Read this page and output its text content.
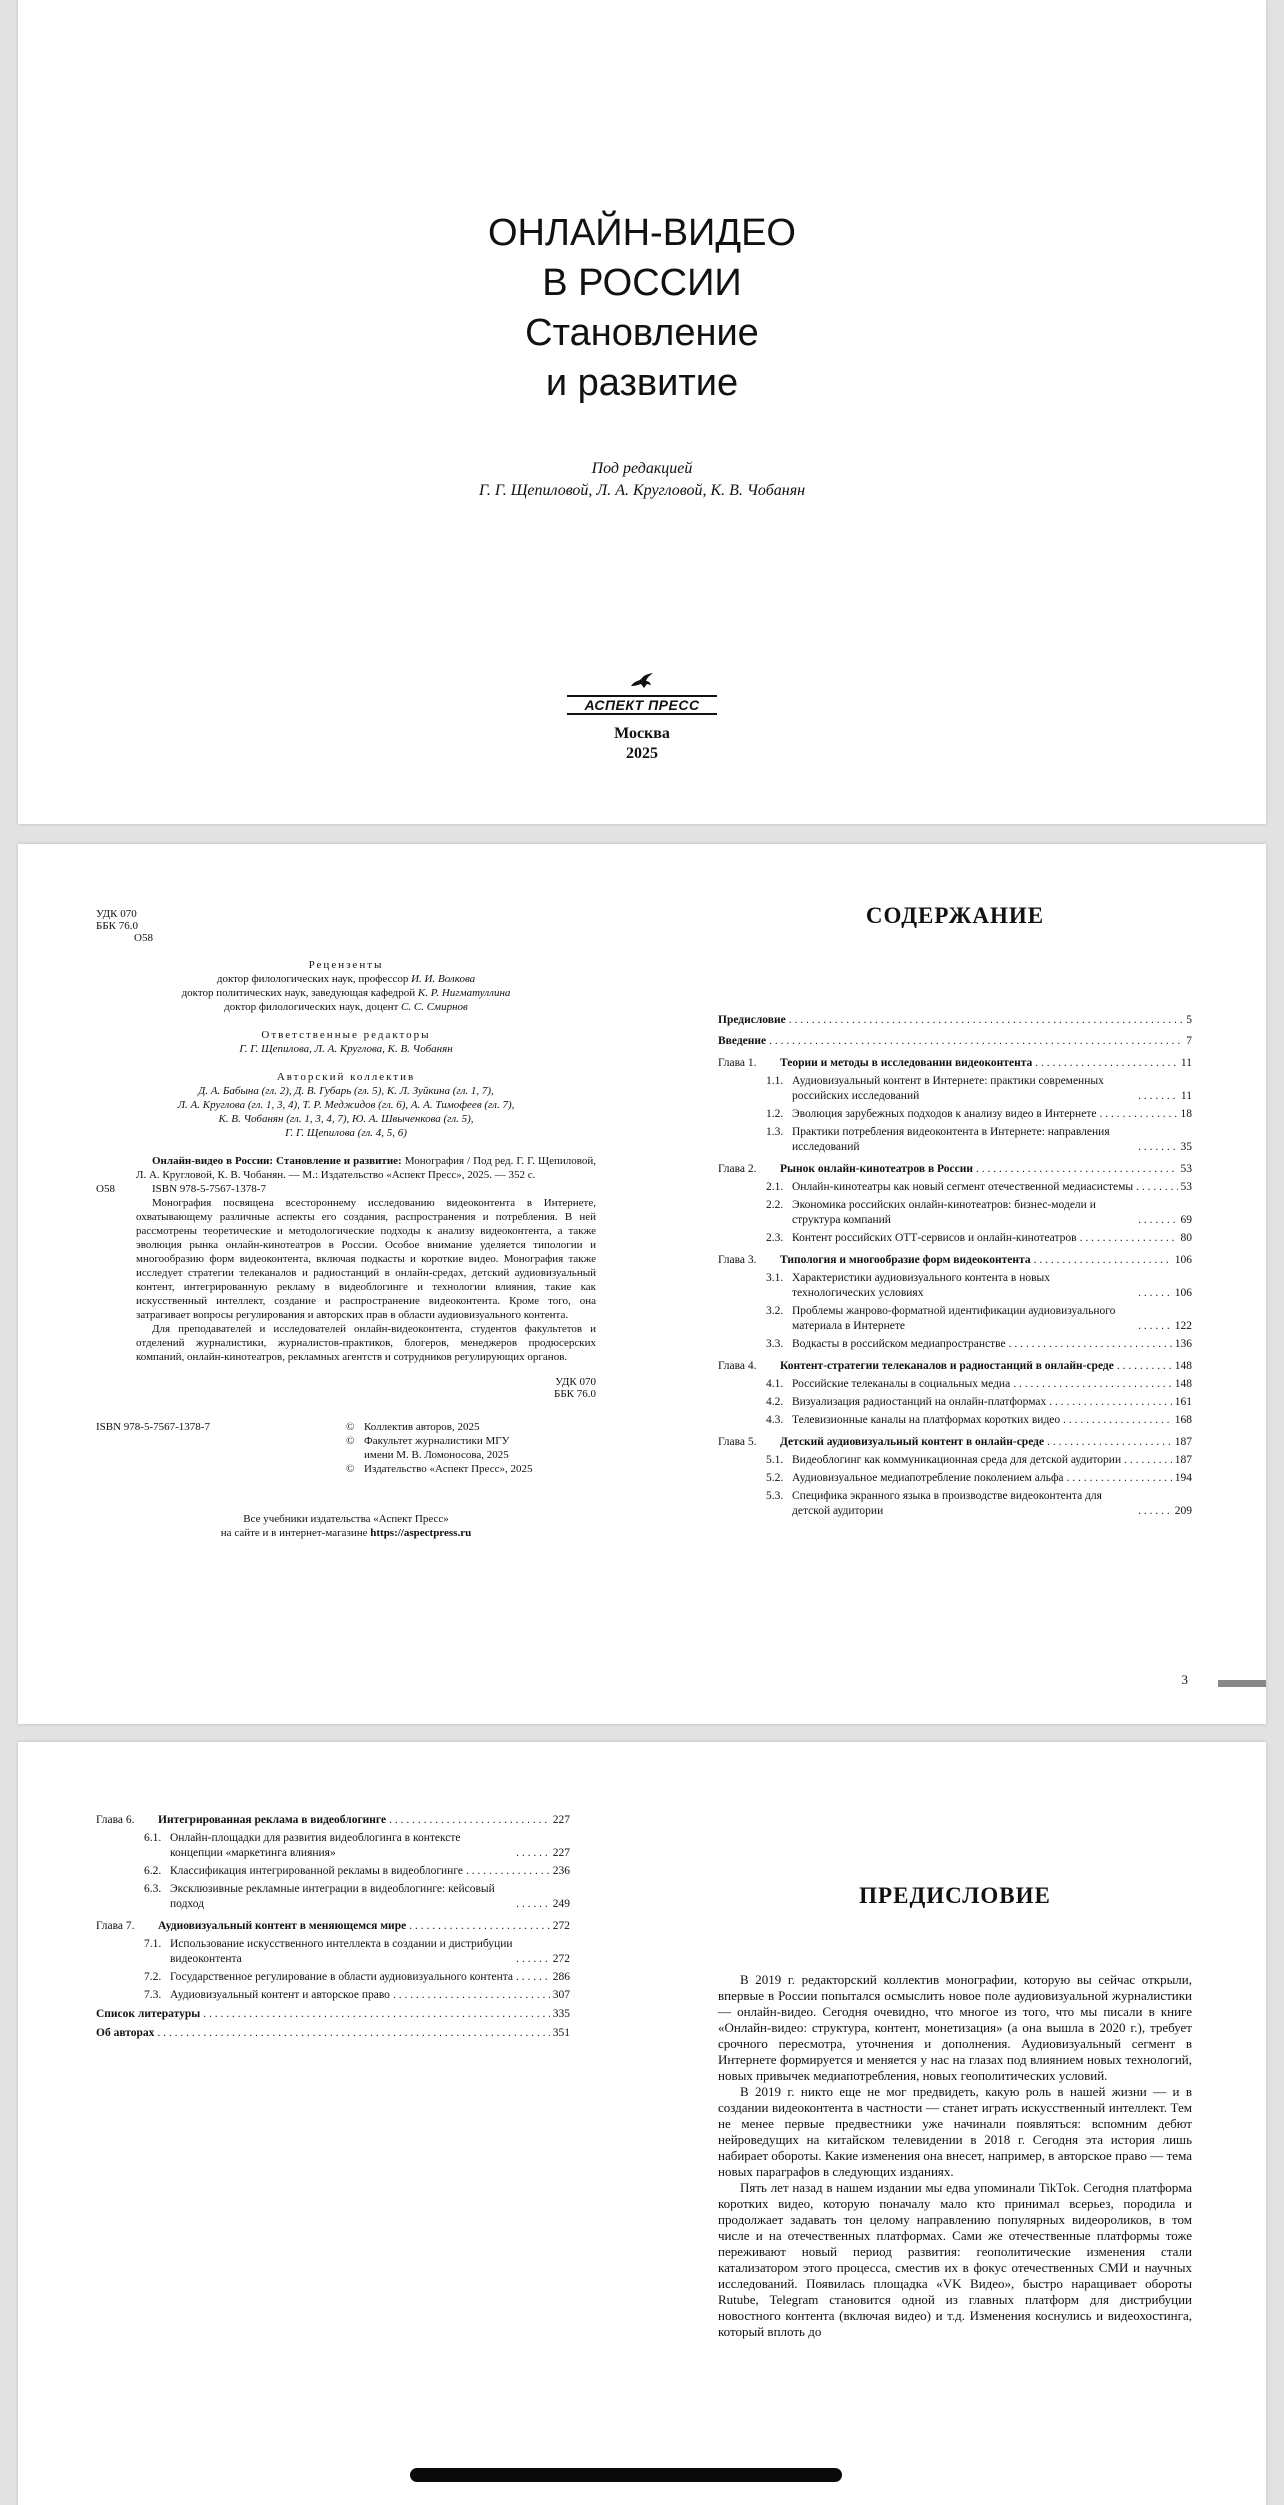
ОНЛАЙН-ВИДЕО
В РОССИИ
Становление
и развитие
Под редакцией
Г. Г. Щепиловой, Л. А. Кругловой, К. В. Чобанян
АСПЕКТ ПРЕСС
Москва
2025
УДК 070
ББК 76.0
О58
Рецензенты
доктор филологических наук, профессор И. И. Волкова
доктор политических наук, заведующая кафедрой К. Р. Нигматуллина
доктор филологических наук, доцент С. С. Смирнов
Ответственные редакторы
Г. Г. Щепилова, Л. А. Круглова, К. В. Чобанян
Авторский коллектив
Д. А. Бабына (гл. 2), Д. В. Губарь (гл. 5), К. Л. Зуйкина (гл. 1, 7),
Л. А. Круглова (гл. 1, 3, 4), Т. Р. Меджидов (гл. 6), А. А. Тимофеев (гл. 7),
К. В. Чобанян (гл. 1, 3, 4, 7), Ю. А. Швыченкова (гл. 5),
Г. Г. Щепилова (гл. 4, 5, 6)
О58

Онлайн-видео в России: Становление и развитие: Монография / Под ред. Г. Г. Щепиловой, Л. А. Кругловой, К. В. Чобанян. — М.: Издательство «Аспект Пресс», 2025. — 352 с.

ISBN 978-5-7567-1378-7

Монография посвящена всестороннему исследованию видеоконтента в Интернете, охватывающему различные аспекты его создания, распространения и потребления. В ней рассмотрены теоретические и методологические подходы к анализу видеоконтента, а также эволюция рынка онлайн-кинотеатров в России. Особое внимание уделяется типологии и многообразию форм видеоконтента, включая подкасты и короткие видео. Монография также исследует стратегии телеканалов и радиостанций в онлайн-средах, детский аудиовизуальный контент, интегрированную рекламу в видеоблогинге и технологии влияния, такие как искусственный интеллект, создание и распространение видеоконтента. Кроме того, она затрагивает вопросы регулирования и авторских прав в области аудиовизуального контента.

Для преподавателей и исследователей онлайн-видеоконтента, студентов факультетов и отделений журналистики, журналистов-практиков, блогеров, менеджеров продюсерских компаний, онлайн-кинотеатров, рекламных агентств и сотрудников регулирующих органов.

УДК 070
ББК 76.0
ISBN 978-5-7567-1378-7	© Коллектив авторов, 2025
© Факультет журналистики МГУ
имени М. В. Ломоносова, 2025
© Издательство «Аспект Пресс», 2025
Все учебники издательства «Аспект Пресс»
на сайте и в интернет-магазине https://aspectpress.ru
СОДЕРЖАНИЕ
Предисловие . . .	5
Введение . . .	7
Глава 1. Теории и методы в исследовании видеоконтента . . .	11
1.1. Аудиовизуальный контент в Интернете: практики современных российских исследований . . .	11
1.2. Эволюция зарубежных подходов к анализу видео в Интернете . . .	18
1.3. Практики потребления видеоконтента в Интернете: направления исследований . . .	35
Глава 2. Рынок онлайн-кинотеатров в России . . .	53
2.1. Онлайн-кинотеатры как новый сегмент отечественной медиасистемы . . .	53
2.2. Экономика российских онлайн-кинотеатров: бизнес-модели и структура компаний . . .	69
2.3. Контент российских ОТТ-сервисов и онлайн-кинотеатров . . .	80
Глава 3. Типология и многообразие форм видеоконтента . . .	106
3.1. Характеристики аудиовизуального контента в новых технологических условиях . . .	106
3.2. Проблемы жанрово-форматной идентификации аудиовизуального материала в Интернете . . .	122
3.3. Водкасты в российском медиапространстве . . .	136
Глава 4. Контент-стратегии телеканалов и радиостанций в онлайн-среде . . .	148
4.1. Российские телеканалы в социальных медиа . . .	148
4.2. Визуализация радиостанций на онлайн-платформах . . .	161
4.3. Телевизионные каналы на платформах коротких видео . . .	168
Глава 5. Детский аудиовизуальный контент в онлайн-среде . . .	187
5.1. Видеоблогинг как коммуникационная среда для детской аудитории . . .	187
5.2. Аудиовизуальное медиапотребление поколением альфа . . .	194
5.3. Специфика экранного языка в производстве видеоконтента для детской аудитории . . .	209
3
Глава 6. Интегрированная реклама в видеоблогинге . . .	227
6.1. Онлайн-площадки для развития видеоблогинга в контексте концепции «маркетинга влияния» . . .	227
6.2. Классификация интегрированной рекламы в видеоблогинге . . .	236
6.3. Эксклюзивные рекламные интеграции в видеоблогинге: кейсовый подход . . .	249
Глава 7. Аудиовизуальный контент в меняющемся мире . . .	272
7.1. Использование искусственного интеллекта в создании и дистрибуции видеоконтента . . .	272
7.2. Государственное регулирование в области аудиовизуального контента . . .	286
7.3. Аудиовизуальный контент и авторское право . . .	307
Список литературы . . .	335
Об авторах . . .	351
ПРЕДИСЛОВИЕ

В 2019 г. редакторский коллектив монографии, которую вы сейчас открыли, впервые в России попытался осмыслить новое поле аудиовизуальной журналистики — онлайн-видео. Сегодня очевидно, что многое из того, что мы писали в книге «Онлайн-видео: структура, контент, монетизация» (а она вышла в 2020 г.), требует срочного пересмотра, уточнения и дополнения. Аудиовизуальный сегмент в Интернете формируется и меняется у нас на глазах под влиянием новых технологий, новых привычек медиапотребления, новых геополитических условий.

В 2019 г. никто еще не мог предвидеть, какую роль в нашей жизни — и в создании видеоконтента в частности — станет играть искусственный интеллект. Тем не менее первые предвестники уже начинали появляться: вспомним дебют нейроведущих на китайском телевидении в 2018 г. Сегодня эта история лишь набирает обороты. Какие изменения она внесет, например, в авторское право — тема новых параграфов в следующих изданиях.

Пять лет назад в нашем издании мы едва упоминали TikTok. Сегодня платформа коротких видео, которую поначалу мало кто принимал всерьез, породила и продолжает задавать тон целому направлению популярных видеороликов, в том числе и на отечественных платформах. Сами же отечественные платформы тоже переживают новый период развития: геополитические изменения стали катализатором этого процесса, сместив их в фокус отечественных СМИ и научных исследований. Появилась площадка «VK Видео», быстро наращивает обороты Rutube, Telegram становится одной из главных платформ для дистрибуции новостного контента (включая видео) и т.д. Изменения коснулись и видеохостинга, который вплоть до
